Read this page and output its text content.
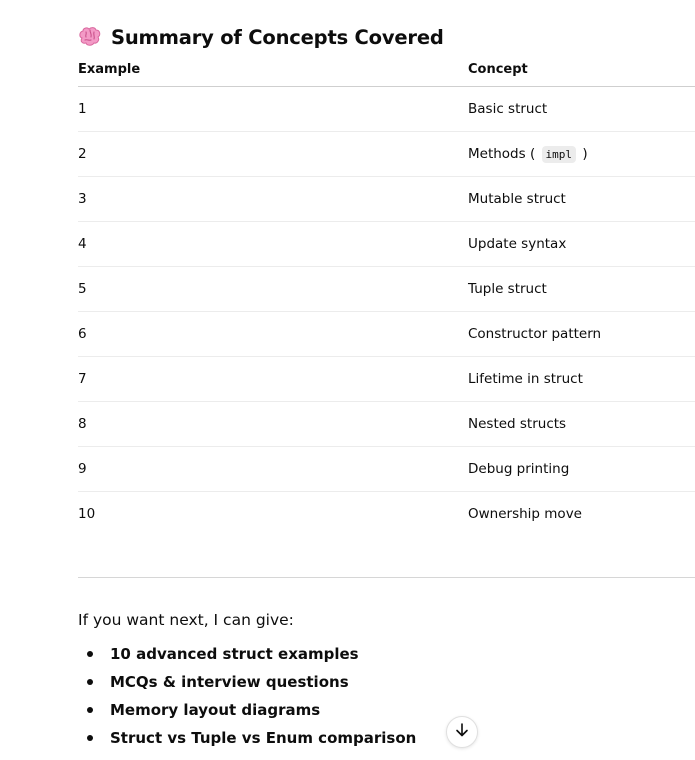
Summary of Concepts Covered
Example	Concept
1	Basic struct
2	Methods ( impl )
3	Mutable struct
4	Update syntax
5	Tuple struct
6	Constructor pattern
7	Lifetime in struct
8	Nested structs
9	Debug printing
10	Ownership move
If you want next, I can give:
10 advanced struct examples
MCQs & interview questions
Memory layout diagrams
Struct vs Tuple vs Enum comparison
